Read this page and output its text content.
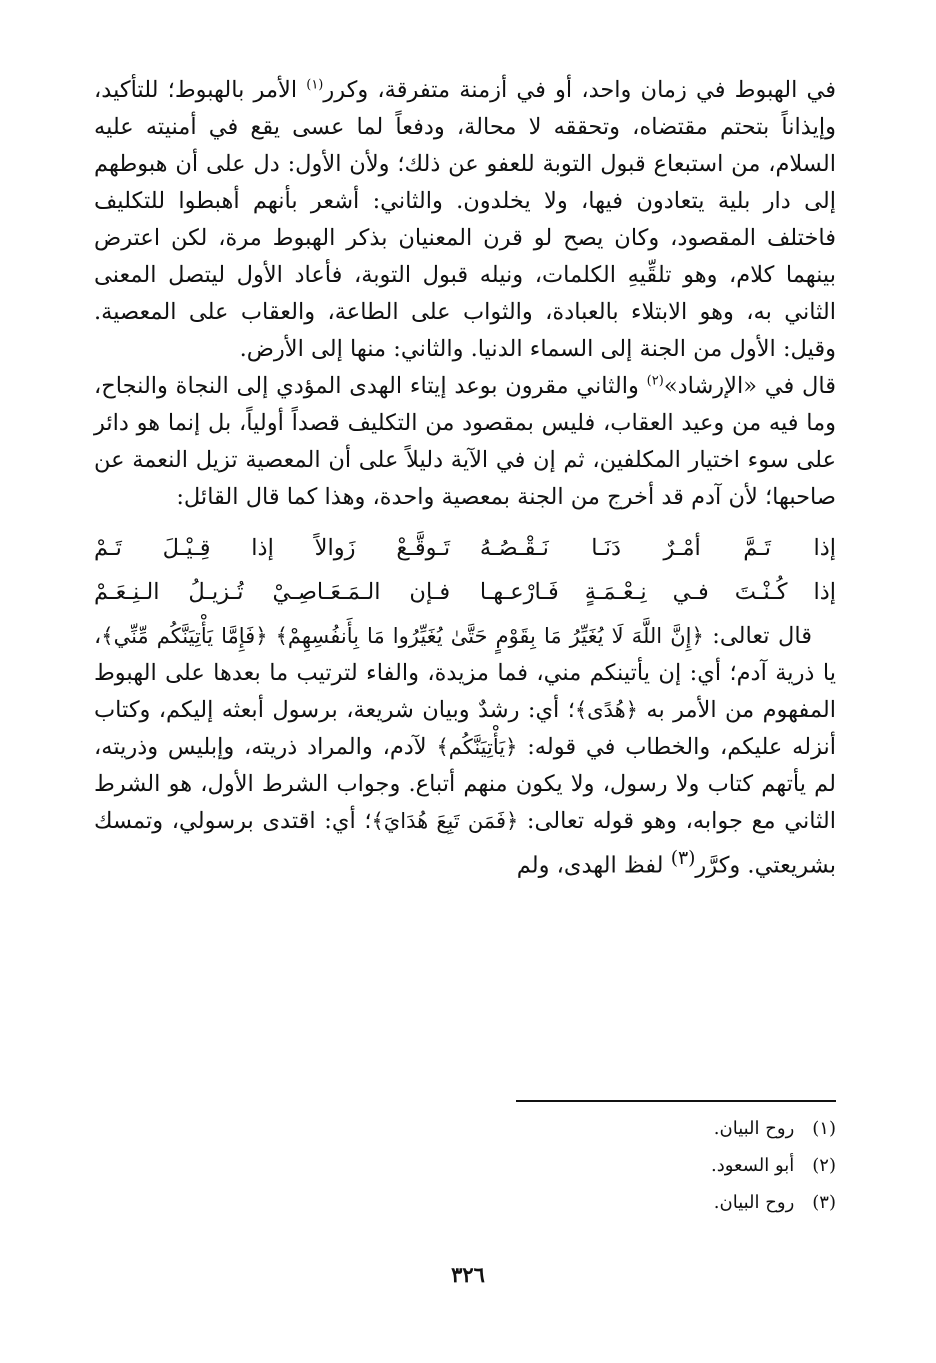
في الهبوط في زمان واحد، أو في أزمنة متفرقة، وكرر$^{(١)}$ الأمر بالهبوط؛ للتأكيد، وإيذاناً بتحتم مقتضاه، وتحققه لا محالة، ودفعاً لما عسى يقع في أمنيته عليه السلام، من استبعاع قبول التوبة للعفو عن ذلك؛ ولأن الأول: دل على أن هبوطهم إلى دار بلية يتعادون فيها، ولا يخلدون. والثاني: أشعر بأنهم أهبطوا للتكليف فاختلف المقصود، وكان يصح لو قرن المعنيان بذكر الهبوط مرة، لكن اعترض بينهما كلام، وهو تلقِّيهِ الكلمات، ونيله قبول التوبة، فأعاد الأول ليتصل المعنى الثاني به، وهو الابتلاء بالعبادة، والثواب على الطاعة، والعقاب على المعصية. وقيل: الأول من الجنة إلى السماء الدنيا. والثاني: منها إلى الأرض.

قال في «الإرشاد»$^{(٢)}$ والثاني مقرون بوعد إيتاء الهدى المؤدي إلى النجاة والنجاح، وما فيه من وعيد العقاب، فليس بمقصود من التكليف قصداً أولياً، بل إنما هو دائر على سوء اختيار المكلفين، ثم إن في الآية دليلاً على أن المعصية تزيل النعمة عن صاحبها؛ لأن آدم قد أخرج من الجنة بمعصية واحدة، وهذا كما قال القائل:

إذا تَـمَّ أمْـرٌ دَنَـا نَـقْـصُـهُ
تَـوقَّـعْ زَوالاً إذا قِـيْـلَ تَـمْ
إذا كُـنْـتَ فـي نِـعْـمَـةٍ فَـارْعـهـا
فـإن الـمَـعَـاصِـيْ تُـزيـلُ الـنِـعَـمْ

قال تعالى: ﴿إِنَّ اللَّهَ لَا يُغَيِّرُ مَا بِقَوْمٍ حَتَّىٰ يُغَيِّرُوا مَا بِأَنفُسِهِمْ﴾ ﴿فَإِمَّا يَأْتِيَنَّكُم مِّنِّي﴾، يا ذرية آدم؛ أي: إن يأتينكم مني، فما مزيدة، والفاء لترتيب ما بعدها على الهبوط المفهوم من الأمر به ﴿هُدًى﴾؛ أي: رشدٌ وبيان شريعة، برسول أبعثه إليكم، وكتاب أنزله عليكم، والخطاب في قوله: ﴿يَأْتِيَنَّكُم﴾ لآدم، والمراد ذريته، وإبليس وذريته، لم يأتهم كتاب ولا رسول، ولا يكون منهم أتباع. وجواب الشرط الأول، هو الشرط الثاني مع جوابه، وهو قوله تعالى: ﴿فَمَن تَبِعَ هُدَايَ﴾؛ أي: اقتدى برسولي، وتمسك بشريعتي. وكرَّر$^{(٣)}$ لفظ الهدى، ولم

(١) روح البيان.
(٢) أبو السعود.
(٣) روح البيان.
٣٢٦
